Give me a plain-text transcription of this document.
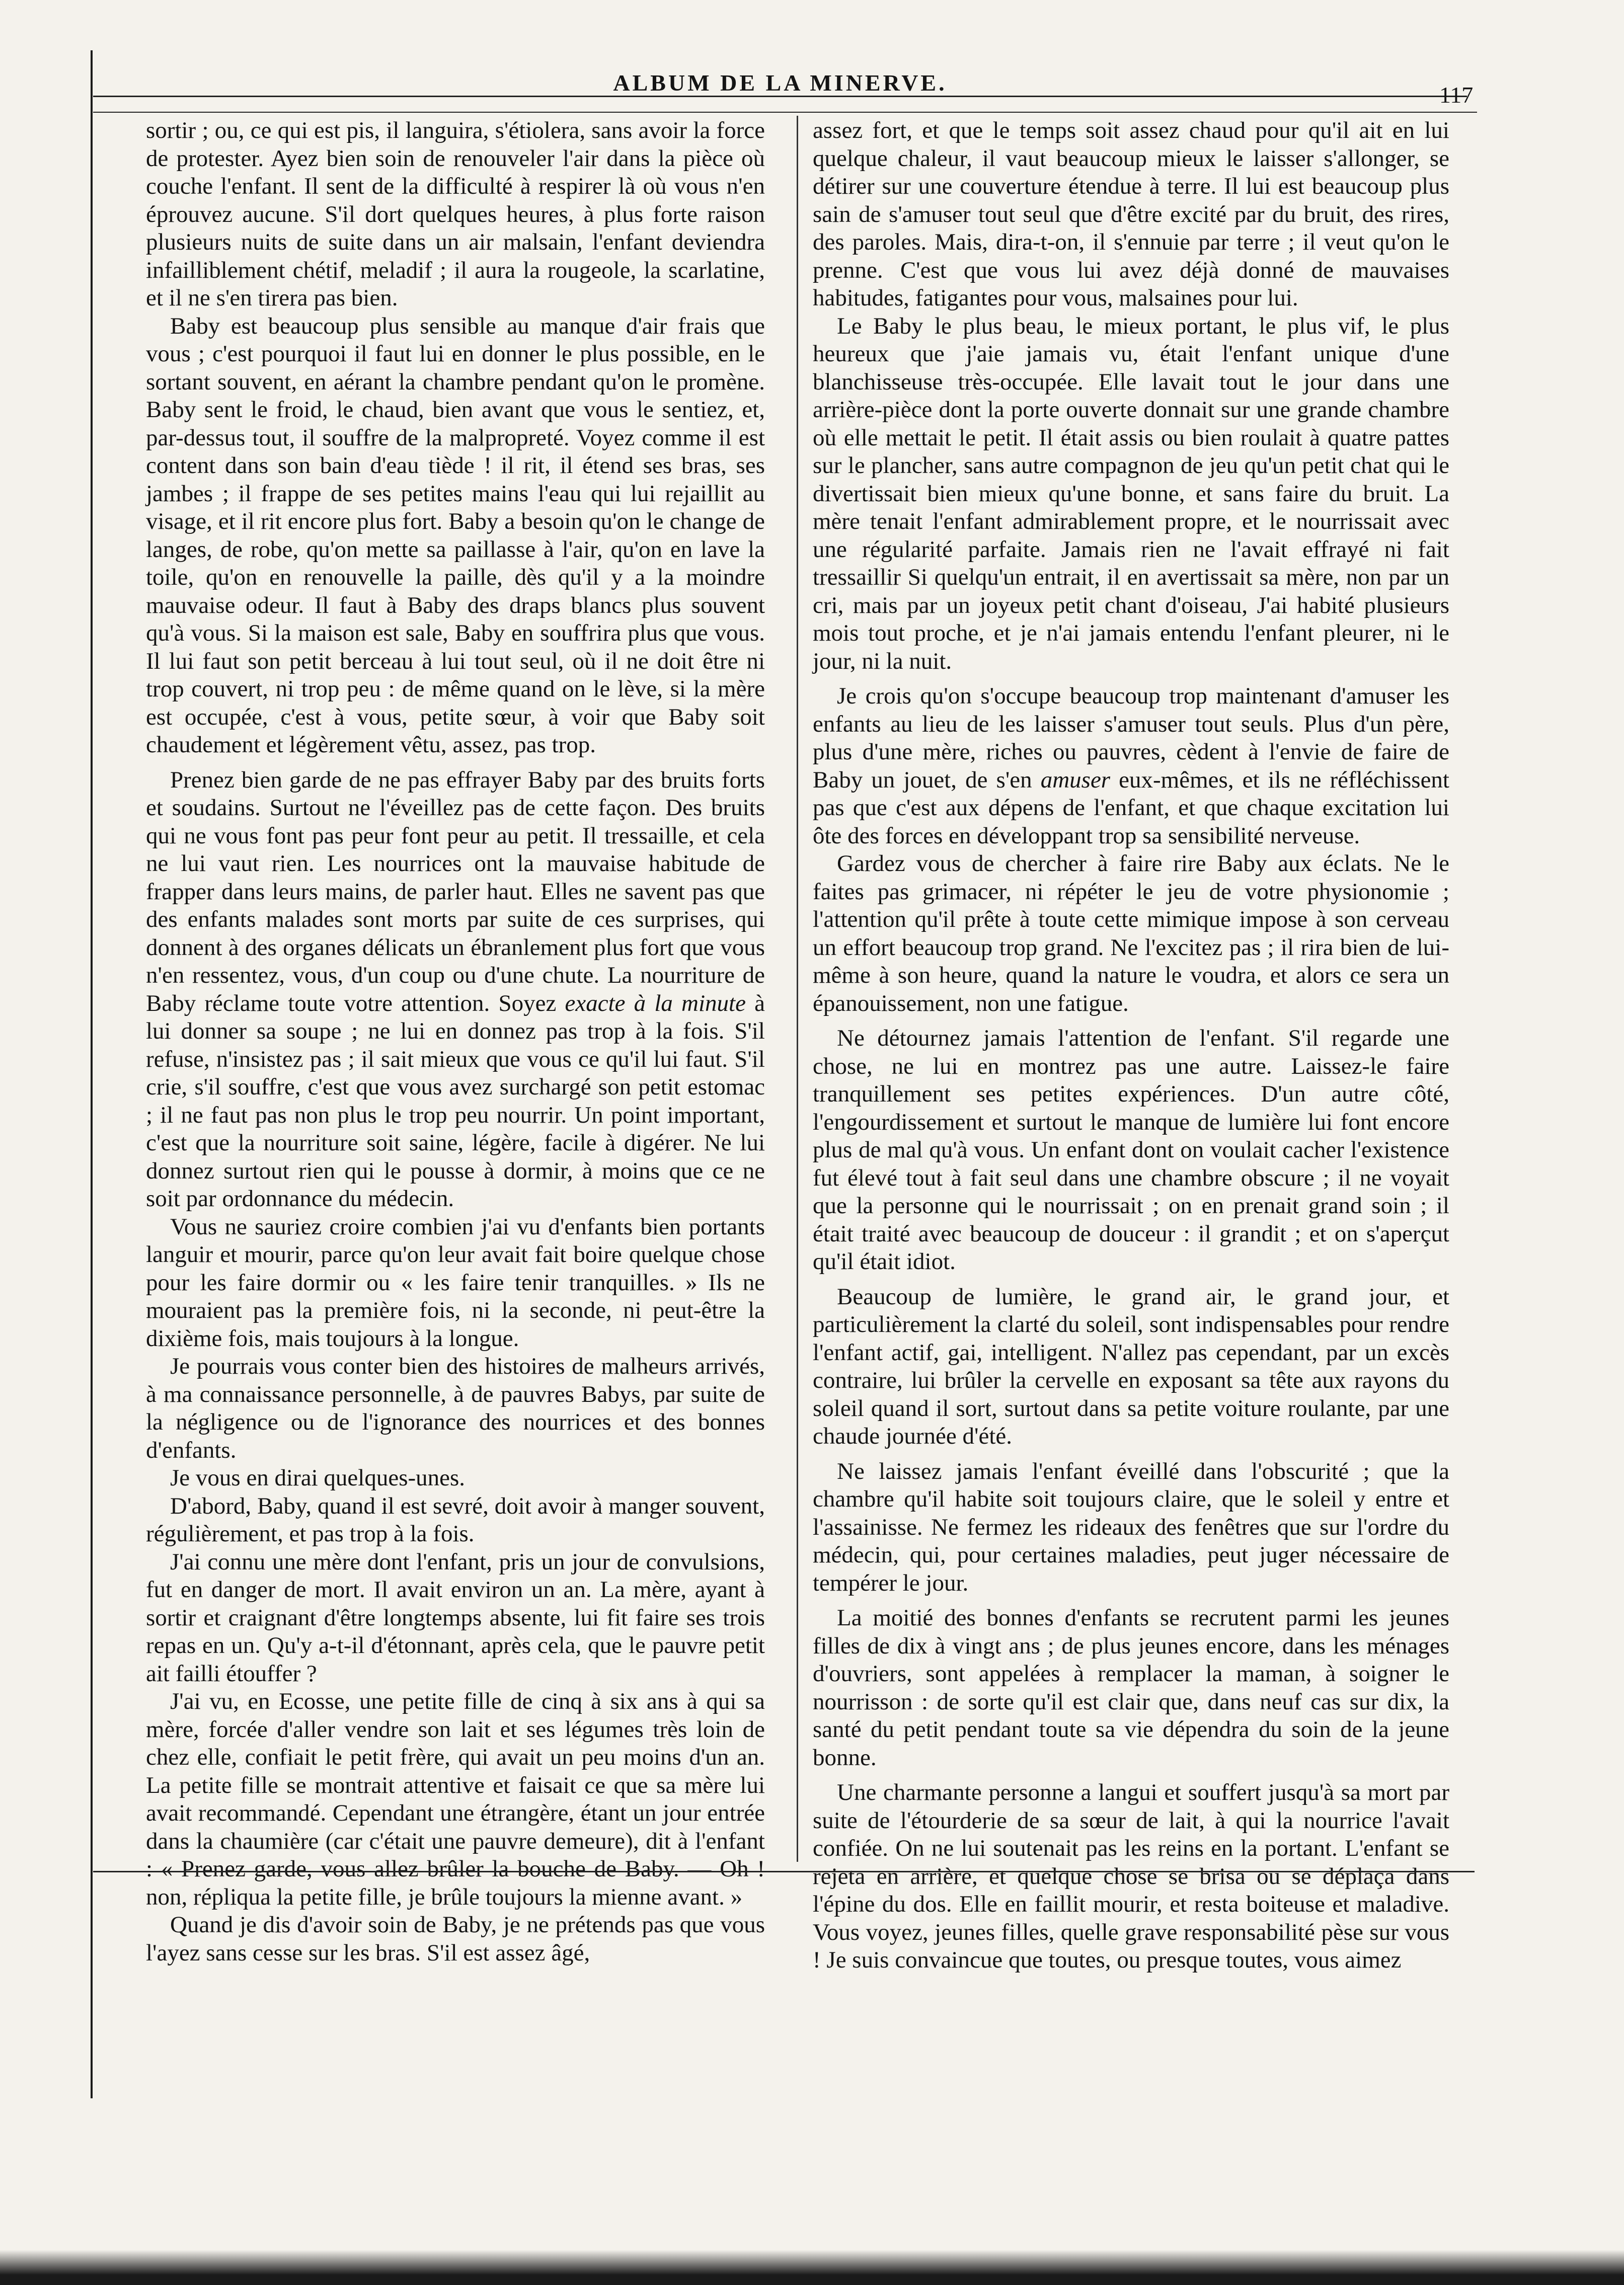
ALBUM DE LA MINERVE.	117

sortir ; ou, ce qui est pis, il languira, s'étiolera, sans avoir la force de protester. Ayez bien soin de renouveler l'air dans la pièce où couche l'enfant. Il sent de la difficulté à respirer là où vous n'en éprouvez aucune. S'il dort quelques heures, à plus forte raison plusieurs nuits de suite dans un air malsain, l'enfant deviendra infailliblement chétif, meladif ; il aura la rougeole, la scarlatine, et il ne s'en tirera pas bien.

Baby est beaucoup plus sensible au manque d'air frais que vous ; c'est pourquoi il faut lui en donner le plus possible, en le sortant souvent, en aérant la chambre pendant qu'on le promène. Baby sent le froid, le chaud, bien avant que vous le sentiez, et, par-dessus tout, il souffre de la malpropreté. Voyez comme il est content dans son bain d'eau tiède ! il rit, il étend ses bras, ses jambes ; il frappe de ses petites mains l'eau qui lui rejaillit au visage, et il rit encore plus fort. Baby a besoin qu'on le change de langes, de robe, qu'on mette sa paillasse à l'air, qu'on en lave la toile, qu'on en renouvelle la paille, dès qu'il y a la moindre mauvaise odeur. Il faut à Baby des draps blancs plus souvent qu'à vous. Si la maison est sale, Baby en souffrira plus que vous. Il lui faut son petit berceau à lui tout seul, où il ne doit être ni trop couvert, ni trop peu : de même quand on le lève, si la mère est occupée, c'est à vous, petite sœur, à voir que Baby soit chaudement et légèrement vêtu, assez, pas trop.

Prenez bien garde de ne pas effrayer Baby par des bruits forts et soudains. Surtout ne l'éveillez pas de cette façon. Des bruits qui ne vous font pas peur font peur au petit. Il tressaille, et cela ne lui vaut rien. Les nourrices ont la mauvaise habitude de frapper dans leurs mains, de parler haut. Elles ne savent pas que des enfants malades sont morts par suite de ces surprises, qui donnent à des organes délicats un ébranlement plus fort que vous n'en ressentez, vous, d'un coup ou d'une chute. La nourriture de Baby réclame toute votre attention. Soyez exacte à la minute à lui donner sa soupe ; ne lui en donnez pas trop à la fois. S'il refuse, n'insistez pas ; il sait mieux que vous ce qu'il lui faut. S'il crie, s'il souffre, c'est que vous avez surchargé son petit estomac ; il ne faut pas non plus le trop peu nourrir. Un point important, c'est que la nourriture soit saine, légère, facile à digérer. Ne lui donnez surtout rien qui le pousse à dormir, à moins que ce ne soit par ordonnance du médecin.

Vous ne sauriez croire combien j'ai vu d'enfants bien portants languir et mourir, parce qu'on leur avait fait boire quelque chose pour les faire dormir ou « les faire tenir tranquilles. » Ils ne mouraient pas la première fois, ni la seconde, ni peut-être la dixième fois, mais toujours à la longue.

Je pourrais vous conter bien des histoires de malheurs arrivés, à ma connaissance personnelle, à de pauvres Babys, par suite de la négligence ou de l'ignorance des nourrices et des bonnes d'enfants.

Je vous en dirai quelques-unes.

D'abord, Baby, quand il est sevré, doit avoir à manger souvent, régulièrement, et pas trop à la fois.

J'ai connu une mère dont l'enfant, pris un jour de convulsions, fut en danger de mort. Il avait environ un an. La mère, ayant à sortir et craignant d'être longtemps absente, lui fit faire ses trois repas en un. Qu'y a-t-il d'étonnant, après cela, que le pauvre petit ait failli étouffer ?

J'ai vu, en Ecosse, une petite fille de cinq à six ans à qui sa mère, forcée d'aller vendre son lait et ses légumes très loin de chez elle, confiait le petit frère, qui avait un peu moins d'un an. La petite fille se montrait attentive et faisait ce que sa mère lui avait recommandé. Cependant une étrangère, étant un jour entrée dans la chaumière (car c'était une pauvre demeure), dit à l'enfant : « Prenez garde, vous allez brûler la bouche de Baby. — Oh ! non, répliqua la petite fille, je brûle toujours la mienne avant. »

Quand je dis d'avoir soin de Baby, je ne prétends pas que vous l'ayez sans cesse sur les bras. S'il est assez âgé,

assez fort, et que le temps soit assez chaud pour qu'il ait en lui quelque chaleur, il vaut beaucoup mieux le laisser s'allonger, se détirer sur une couverture étendue à terre. Il lui est beaucoup plus sain de s'amuser tout seul que d'être excité par du bruit, des rires, des paroles. Mais, dira-t-on, il s'ennuie par terre ; il veut qu'on le prenne. C'est que vous lui avez déjà donné de mauvaises habitudes, fatigantes pour vous, malsaines pour lui.

Le Baby le plus beau, le mieux portant, le plus vif, le plus heureux que j'aie jamais vu, était l'enfant unique d'une blanchisseuse très-occupée. Elle lavait tout le jour dans une arrière-pièce dont la porte ouverte donnait sur une grande chambre où elle mettait le petit. Il était assis ou bien roulait à quatre pattes sur le plancher, sans autre compagnon de jeu qu'un petit chat qui le divertissait bien mieux qu'une bonne, et sans faire du bruit. La mère tenait l'enfant admirablement propre, et le nourrissait avec une régularité parfaite. Jamais rien ne l'avait effrayé ni fait tressaillir Si quelqu'un entrait, il en avertissait sa mère, non par un cri, mais par un joyeux petit chant d'oiseau, J'ai habité plusieurs mois tout proche, et je n'ai jamais entendu l'enfant pleurer, ni le jour, ni la nuit.

Je crois qu'on s'occupe beaucoup trop maintenant d'amuser les enfants au lieu de les laisser s'amuser tout seuls. Plus d'un père, plus d'une mère, riches ou pauvres, cèdent à l'envie de faire de Baby un jouet, de s'en amuser eux-mêmes, et ils ne réfléchissent pas que c'est aux dépens de l'enfant, et que chaque excitation lui ôte des forces en développant trop sa sensibilité nerveuse.

Gardez vous de chercher à faire rire Baby aux éclats. Ne le faites pas grimacer, ni répéter le jeu de votre physionomie ; l'attention qu'il prête à toute cette mimique impose à son cerveau un effort beaucoup trop grand. Ne l'excitez pas ; il rira bien de lui-même à son heure, quand la nature le voudra, et alors ce sera un épanouissement, non une fatigue.

Ne détournez jamais l'attention de l'enfant. S'il regarde une chose, ne lui en montrez pas une autre. Laissez-le faire tranquillement ses petites expériences. D'un autre côté, l'engourdissement et surtout le manque de lumière lui font encore plus de mal qu'à vous. Un enfant dont on voulait cacher l'existence fut élevé tout à fait seul dans une chambre obscure ; il ne voyait que la personne qui le nourrissait ; on en prenait grand soin ; il était traité avec beaucoup de douceur : il grandit ; et on s'aperçut qu'il était idiot.

Beaucoup de lumière, le grand air, le grand jour, et particulièrement la clarté du soleil, sont indispensables pour rendre l'enfant actif, gai, intelligent. N'allez pas cependant, par un excès contraire, lui brûler la cervelle en exposant sa tête aux rayons du soleil quand il sort, surtout dans sa petite voiture roulante, par une chaude journée d'été.

Ne laissez jamais l'enfant éveillé dans l'obscurité ; que la chambre qu'il habite soit toujours claire, que le soleil y entre et l'assainisse. Ne fermez les rideaux des fenêtres que sur l'ordre du médecin, qui, pour certaines maladies, peut juger nécessaire de tempérer le jour.

La moitié des bonnes d'enfants se recrutent parmi les jeunes filles de dix à vingt ans ; de plus jeunes encore, dans les ménages d'ouvriers, sont appelées à remplacer la maman, à soigner le nourrisson : de sorte qu'il est clair que, dans neuf cas sur dix, la santé du petit pendant toute sa vie dépendra du soin de la jeune bonne.

Une charmante personne a langui et souffert jusqu'à sa mort par suite de l'étourderie de sa sœur de lait, à qui la nourrice l'avait confiée. On ne lui soutenait pas les reins en la portant. L'enfant se rejeta en arrière, et quelque chose se brisa ou se déplaça dans l'épine du dos. Elle en faillit mourir, et resta boiteuse et maladive. Vous voyez, jeunes filles, quelle grave responsabilité pèse sur vous ! Je suis convaincue que toutes, ou presque toutes, vous aimez
